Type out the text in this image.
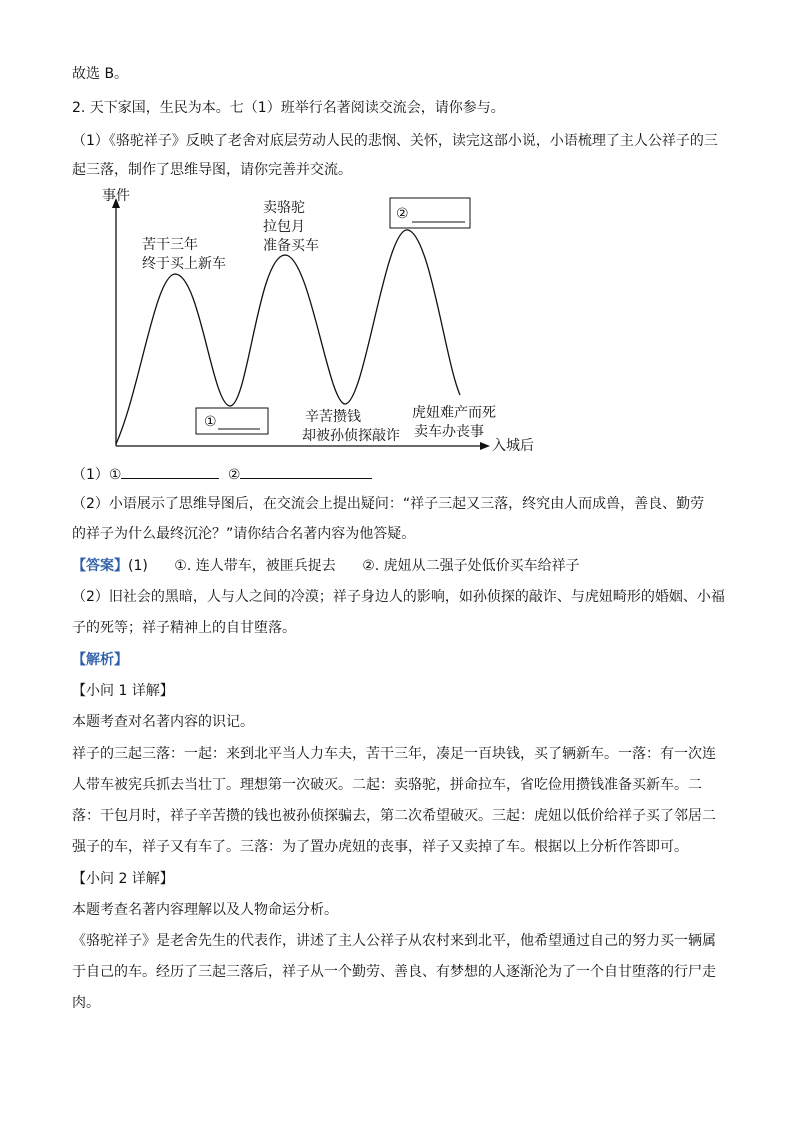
故选 B。
2. 天下家国，生民为本。七（1）班举行名著阅读交流会，请你参与。
（1）《骆驼祥子》反映了老舍对底层劳动人民的悲悯、关怀，读完这部小说，小语梳理了主人公祥子的三
起三落，制作了思维导图，请你完善并交流。
事件
入城后
苦干三年
终于买上新车
卖骆驼
拉包月
准备买车
①
②
辛苦攒钱
却被孙侦探敲诈
虎妞难产而死
卖车办丧事
（1）①	②
（2）小语展示了思维导图后，在交流会上提出疑问：“祥子三起又三落，终究由人而成兽，善良、勤劳
的祥子为什么最终沉沦？”请你结合名著内容为他答疑。
【答案】(1) ①. 连人带车，被匪兵捉去 ②. 虎妞从二强子处低价买车给祥子
（2）旧社会的黑暗，人与人之间的冷漠；祥子身边人的影响，如孙侦探的敲诈、与虎妞畸形的婚姻、小福
子的死等；祥子精神上的自甘堕落。
【解析】
【小问 1 详解】
本题考查对名著内容的识记。
祥子的三起三落：一起：来到北平当人力车夫，苦干三年，凑足一百块钱，买了辆新车。一落：有一次连
人带车被宪兵抓去当壮丁。理想第一次破灭。二起：卖骆驼，拼命拉车，省吃俭用攒钱准备买新车。二
落：干包月时，祥子辛苦攒的钱也被孙侦探骗去，第二次希望破灭。三起：虎妞以低价给祥子买了邻居二
强子的车，祥子又有车了。三落：为了置办虎妞的丧事，祥子又卖掉了车。根据以上分析作答即可。
【小问 2 详解】
本题考查名著内容理解以及人物命运分析。
《骆驼祥子》是老舍先生的代表作，讲述了主人公祥子从农村来到北平，他希望通过自己的努力买一辆属
于自己的车。经历了三起三落后，祥子从一个勤劳、善良、有梦想的人逐渐沦为了一个自甘堕落的行尸走
肉。
